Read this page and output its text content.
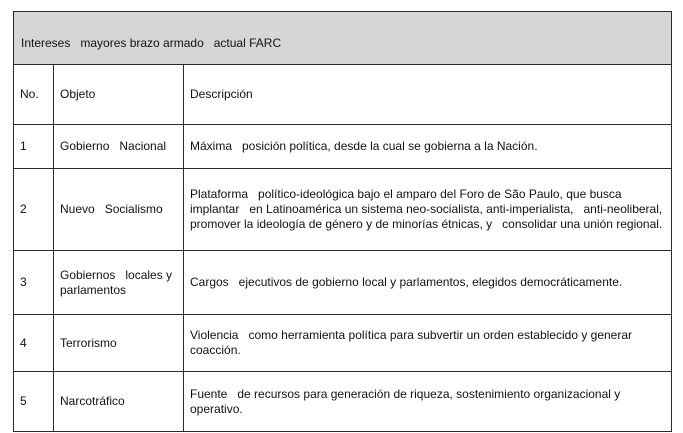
Intereses   mayores brazo armado   actual FARC		
No.	Objeto	Descripción
1	Gobierno   Nacional	Máxima   posición política, desde la cual se gobierna a la Nación.
2	Nuevo   Socialismo	Plataforma   político-ideológica bajo el amparo del Foro de São Paulo, que busca implantar   en Latinoamérica un sistema neo-socialista, anti-imperialista,   anti-neoliberal, promover la ideología de género y de minorías étnicas, y   consolidar una unión regional.
3	Gobiernos   locales y parlamentos	Cargos   ejecutivos de gobierno local y parlamentos, elegidos democráticamente.
4	Terrorismo	Violencia   como herramienta política para subvertir un orden establecido y generar   coacción.
5	Narcotráfico	Fuente   de recursos para generación de riqueza, sostenimiento organizacional y   operativo.
